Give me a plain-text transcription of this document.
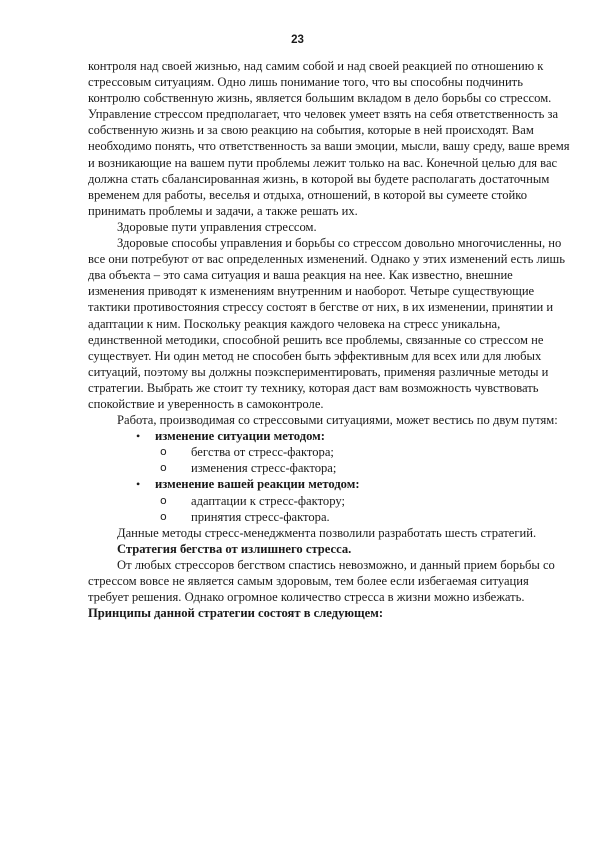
23

контроля над своей жизнью, над самим собой и над своей реакцией по отношению к стрессовым ситуациям. Одно лишь понимание того, что вы способны подчинить контролю собственную жизнь, является большим вкладом в дело борьбы со стрессом. Управление стрессом предполагает, что человек умеет взять на себя ответственность за собственную жизнь и за свою реакцию на события, которые в ней происходят. Вам необходимо понять, что ответственность за ваши эмоции, мысли, вашу среду, ваше время и возникающие на вашем пути проблемы лежит только на вас. Конечной целью для вас должна стать сбалансированная жизнь, в которой вы будете располагать достаточным временем для работы, веселья и отдыха, отношений, в которой вы сумеете стойко принимать проблемы и задачи, а также решать их.

Здоровые пути управления стрессом.

Здоровые способы управления и борьбы со стрессом довольно многочисленны, но все они потребуют от вас определенных изменений. Однако у этих изменений есть лишь два объекта – это сама ситуация и ваша реакция на нее. Как известно, внешние изменения приводят к изменениям внутренним и наоборот. Четыре существующие тактики противостояния стрессу состоят в бегстве от них, в их изменении, принятии и адаптации к ним. Поскольку реакция каждого человека на стресс уникальна, единственной методики, способной решить все проблемы, связанные со стрессом не существует. Ни один метод не способен быть эффективным для всех или для любых ситуаций, поэтому вы должны поэкспериментировать, применяя различные методы и стратегии. Выбрать же стоит ту технику, которая даст вам возможность чувствовать спокойствие и уверенность в самоконтроле.

Работа, производимая со стрессовыми ситуациями, может вестись по двум путям:

• изменение ситуации методом:
o бегства от стресс-фактора;
o изменения стресс-фактора;
• изменение вашей реакции методом:
o адаптации к стресс-фактору;
o принятия стресс-фактора.

Данные методы стресс-менеджмента позволили разработать шесть стратегий.

Стратегия бегства от излишнего стресса.

От любых стрессоров бегством спастись невозможно, и данный прием борьбы со стрессом вовсе не является самым здоровым, тем более если избегаемая ситуация требует решения. Однако огромное количество стресса в жизни можно избежать.

Принципы данной стратегии состоят в следующем:
